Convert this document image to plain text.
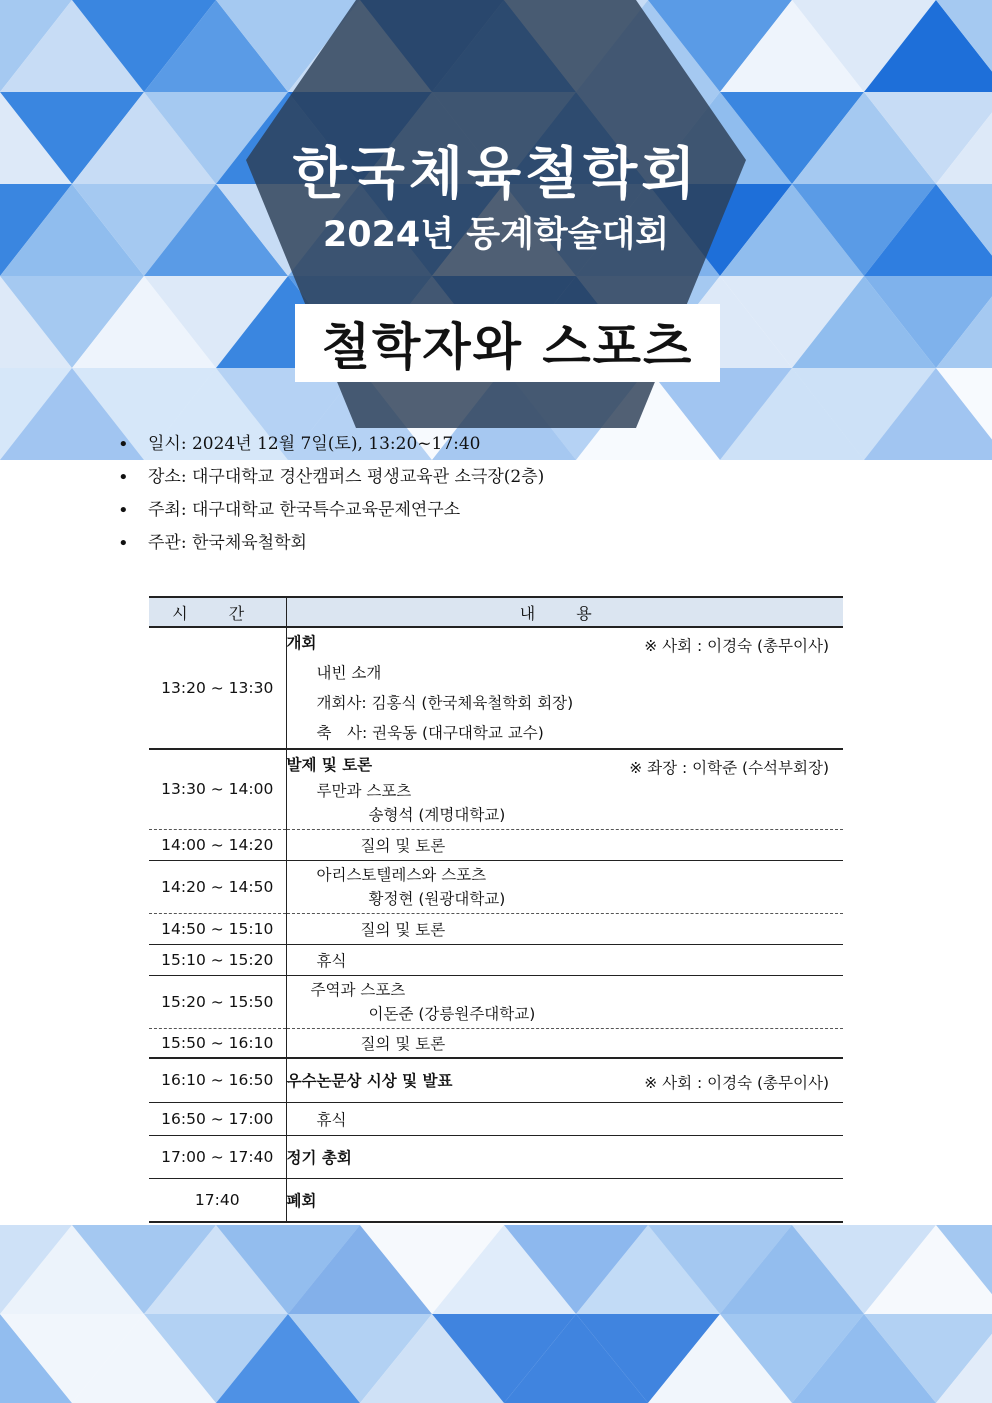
한국체육철학회
2024년 동계학술대회
철학자와 스포츠
• 일시: 2024년 12월 7일(토), 13:20~17:40
• 장소: 대구대학교 경산캠퍼스 평생교육관 소극장(2층)
• 주최: 대구대학교 한국특수교육문제연구소
• 주관: 한국체육철학회
시 간	내 용
13:20 ~ 13:30	개회 ※ 사회 : 이경숙 (총무이사)
내빈 소개
개회사: 김홍식 (한국체육철학회 회장)
축　사: 권욱동 (대구대학교 교수)

13:30 ~ 14:00	발제 및 토론 ※ 좌장 : 이학준 (수석부회장)
루만과 스포츠
송형석 (계명대학교)

14:00 ~ 14:20	질의 및 토론
14:20 ~ 14:50	아리스토텔레스와 스포츠
황정현 (원광대학교)

14:50 ~ 15:10	질의 및 토론
15:10 ~ 15:20	휴식
15:20 ~ 15:50	주역과 스포츠
이돈준 (강릉원주대학교)

15:50 ~ 16:10	질의 및 토론
16:10 ~ 16:50	우수논문상 시상 및 발표 ※ 사회 : 이경숙 (총무이사)

16:50 ~ 17:00	휴식
17:00 ~ 17:40	정기 총회
17:40	폐회
